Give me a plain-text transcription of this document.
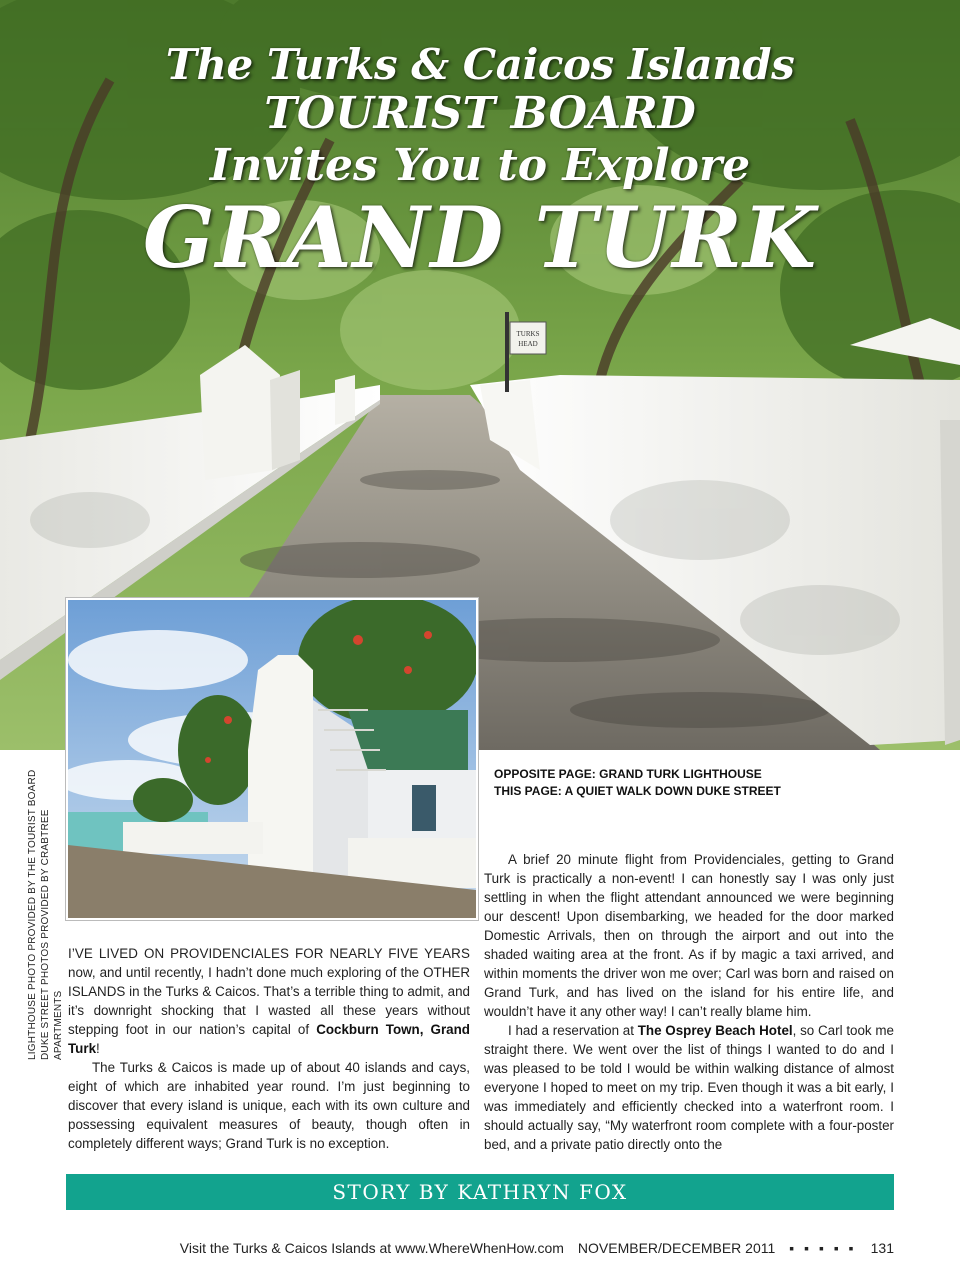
TURKS
HEAD
The Turks & Caicos Islands
TOURIST BOARD
Invites You to Explore
GRAND TURK
LIGHTHOUSE PHOTO PROVIDED BY THE TOURIST BOARD DUKE STREET PHOTOS PROVIDED BY CRABTREE APARTMENTS
OPPOSITE PAGE: GRAND TURK LIGHTHOUSE
THIS PAGE: A QUIET WALK DOWN DUKE STREET

I’VE LIVED ON PROVIDENCIALES FOR NEARLY FIVE YEARS now, and until recently, I hadn’t done much exploring of the OTHER ISLANDS in the Turks & Caicos. That’s a terrible thing to admit, and it’s downright shocking that I wasted all these years without stepping foot in our nation’s capital of Cockburn Town, Grand Turk!

The Turks & Caicos is made up of about 40 islands and cays, eight of which are inhabited year round. I’m just beginning to discover that every island is unique, each with its own culture and possessing equivalent measures of beauty, though often in completely different ways; Grand Turk is no exception.

A brief 20 minute flight from Providenciales, getting to Grand Turk is practically a non-event! I can honestly say I was only just settling in when the flight attendant announced we were beginning our descent! Upon disembarking, we headed for the door marked Domestic Arrivals, then on through the airport and out into the shaded waiting area at the front. As if by magic a taxi arrived, and within moments the driver won me over; Carl was born and raised on Grand Turk, and has lived on the island for his entire life, and wouldn’t have it any other way! I can’t really blame him.

I had a reservation at The Osprey Beach Hotel, so Carl took me straight there. We went over the list of things I wanted to do and I was pleased to be told I would be within walking distance of almost everyone I hoped to meet on my trip. Even though it was a bit early, I was immediately and efficiently checked into a waterfront room. I should actually say, “My waterfront room complete with a four-poster bed, and a private patio directly onto the

STORY BY KATHRYN FOX
Visit the Turks & Caicos Islands at www.WhereWhenHow.com NOVEMBER/DECEMBER 2011 ▪ ▪ ▪ ▪ ▪ 131
